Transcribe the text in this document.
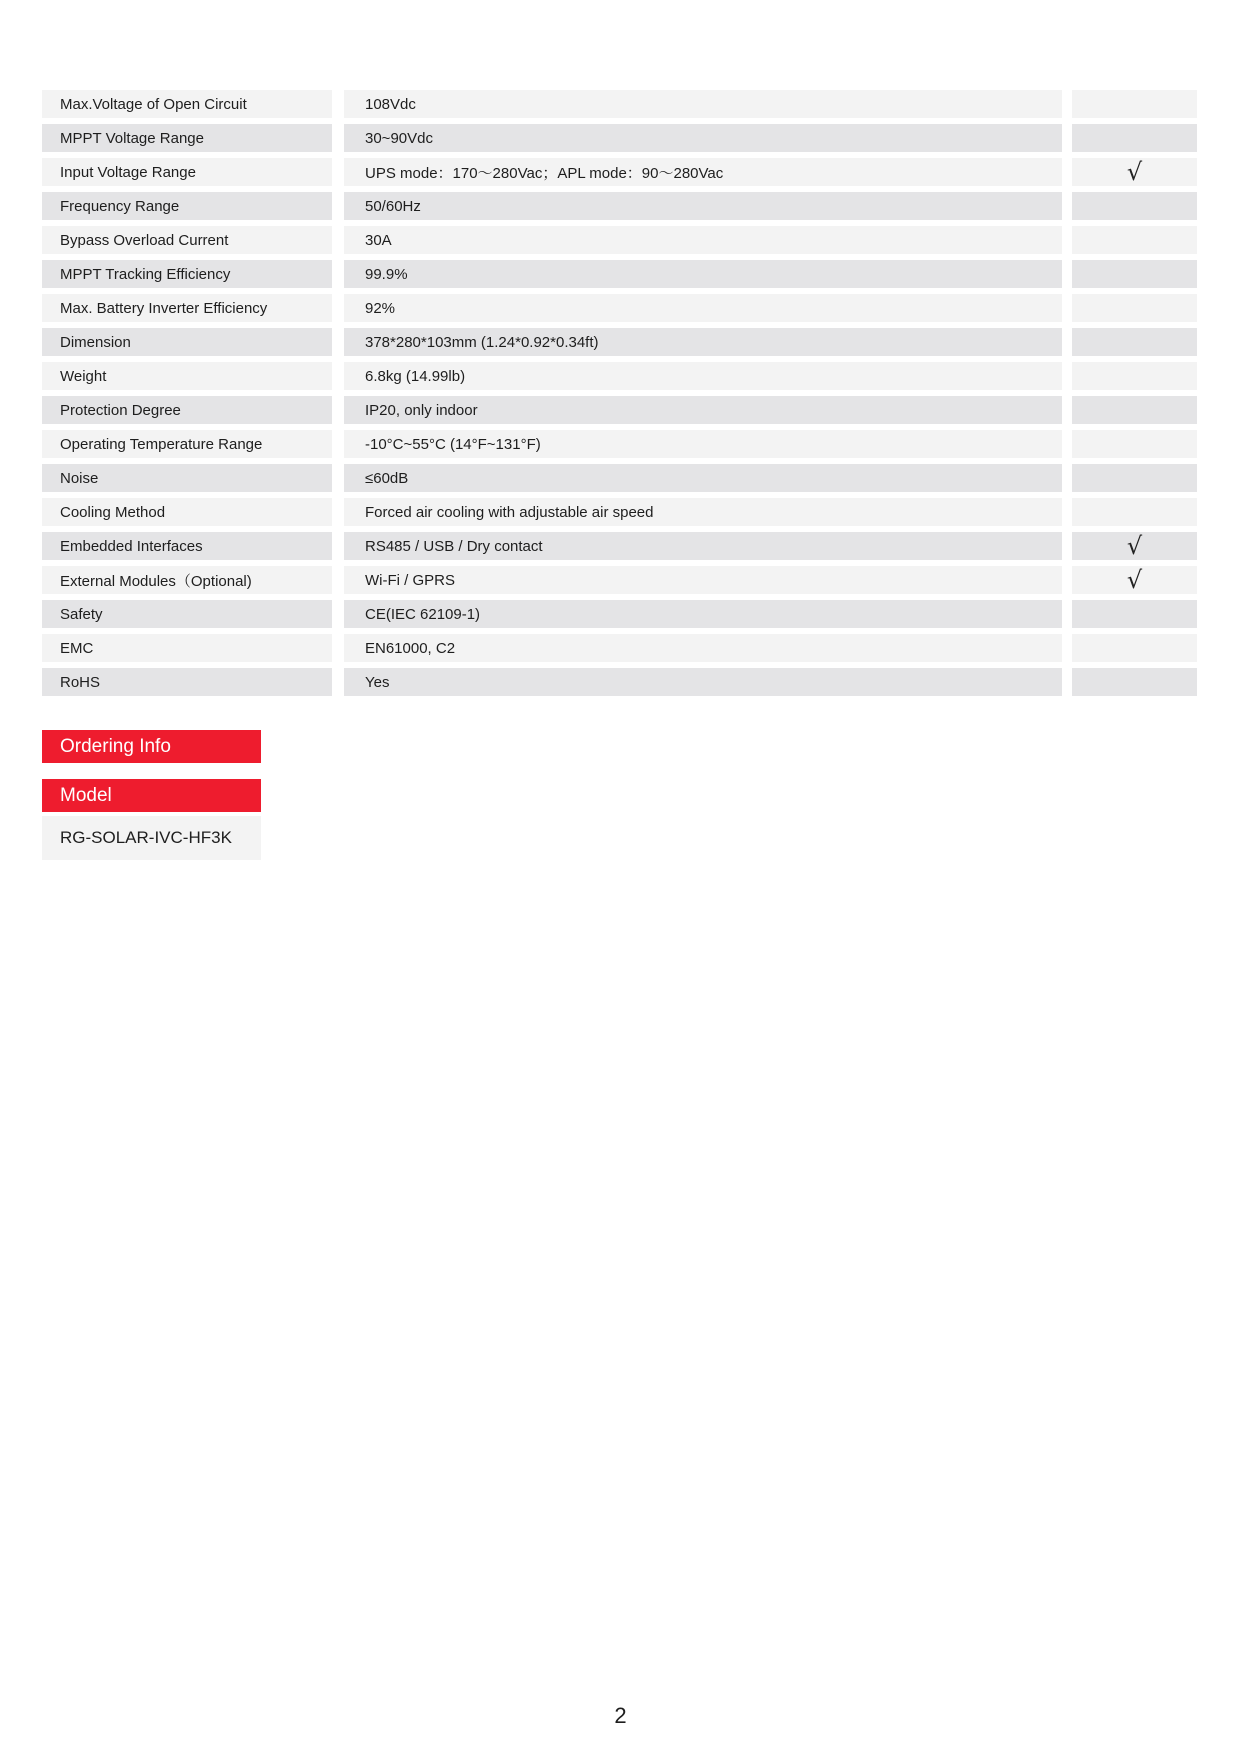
Max.Voltage of Open Circuit	108Vdc
MPPT Voltage Range	30~90Vdc
Input Voltage Range	UPS mode：170～280Vac；APL mode：90～280Vac	√
Frequency Range	50/60Hz
Bypass Overload Current	30A
MPPT Tracking Efficiency	99.9%
Max. Battery Inverter Efficiency	92%
Dimension	378*280*103mm (1.24*0.92*0.34ft)
Weight	6.8kg (14.99lb)
Protection Degree	IP20, only indoor
Operating Temperature Range	-10°C~55°C (14°F~131°F)
Noise	≤60dB
Cooling Method	Forced air cooling with adjustable air speed
Embedded Interfaces	RS485 / USB / Dry contact	√
External Modules（Optional)	Wi-Fi / GPRS	√
Safety	CE(IEC 62109-1)
EMC	EN61000, C2
RoHS	Yes
Ordering Info
Model
RG-SOLAR-IVC-HF3K
2
